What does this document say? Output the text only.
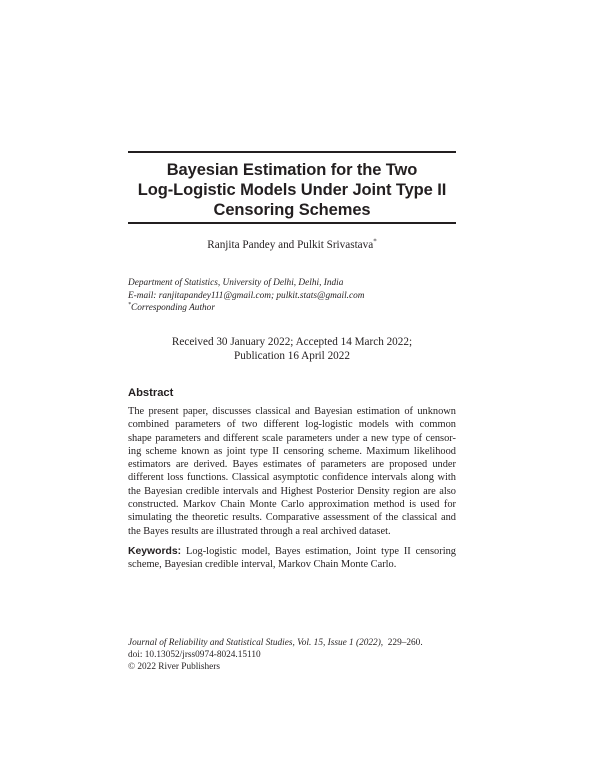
Bayesian Estimation for the Two
Log-Logistic Models Under Joint Type II
Censoring Schemes
Ranjita Pandey and Pulkit Srivastava*
Department of Statistics, University of Delhi, Delhi, India
E-mail: ranjitapandey111@gmail.com; pulkit.stats@gmail.com
*Corresponding Author
Received 30 January 2022; Accepted 14 March 2022;
Publication 16 April 2022
Abstract
The present paper, discusses classical and Bayesian estimation of unknown
combined parameters of two different log-logistic models with common
shape parameters and different scale parameters under a new type of censor-
ing scheme known as joint type II censoring scheme. Maximum likelihood
estimators are derived. Bayes estimates of parameters are proposed under
different loss functions. Classical asymptotic confidence intervals along with
the Bayesian credible intervals and Highest Posterior Density region are also
constructed. Markov Chain Monte Carlo approximation method is used for
simulating the theoretic results. Comparative assessment of the classical and
the Bayes results are illustrated through a real archived dataset.
Keywords: Log-logistic model, Bayes estimation, Joint type II censoring
scheme, Bayesian credible interval, Markov Chain Monte Carlo.
Journal of Reliability and Statistical Studies, Vol. 15, Issue 1 (2022), 229–260.
doi: 10.13052/jrss0974-8024.15110
© 2022 River Publishers
